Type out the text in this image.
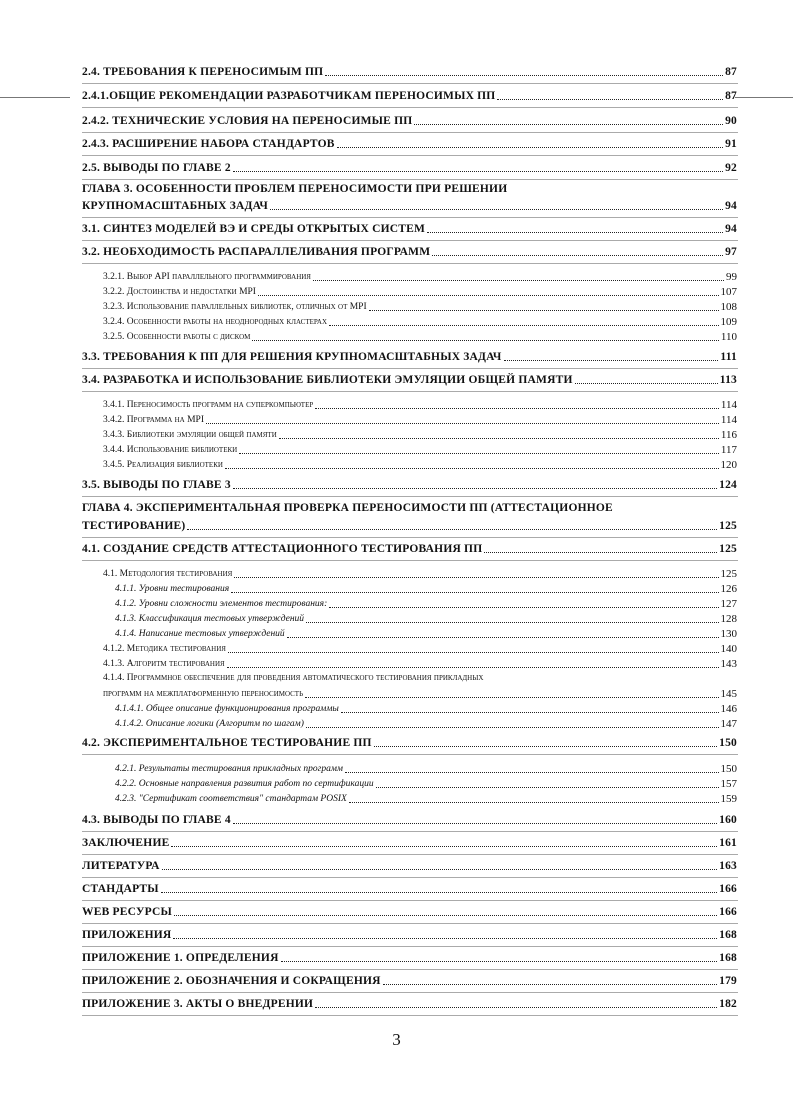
2.4. ТРЕБОВАНИЯ К ПЕРЕНОСИМЫМ ПП	87
2.4.1.ОБЩИЕ РЕКОМЕНДАЦИИ РАЗРАБОТЧИКАМ ПЕРЕНОСИМЫХ ПП	87
2.4.2. ТЕХНИЧЕСКИЕ УСЛОВИЯ НА ПЕРЕНОСИМЫЕ ПП	90
2.4.3. РАСШИРЕНИЕ НАБОРА СТАНДАРТОВ	91
2.5. ВЫВОДЫ ПО ГЛАВЕ 2	92
ГЛАВА 3. ОСОБЕННОСТИ ПРОБЛЕМ ПЕРЕНОСИМОСТИ ПРИ РЕШЕНИИ
КРУПНОМАСШТАБНЫХ ЗАДАЧ	94
3.1. СИНТЕЗ МОДЕЛЕЙ ВЭ И СРЕДЫ ОТКРЫТЫХ СИСТЕМ	94
3.2. НЕОБХОДИМОСТЬ РАСПАРАЛЛЕЛИВАНИЯ ПРОГРАММ	97
3.2.1. Выбор API параллельного программирования	99
3.2.2. Достоинства и недостатки MPI	107
3.2.3. Использование параллельных библиотек, отличных от MPI	108
3.2.4. Особенности работы на неоднородных кластерах	109
3.2.5. Особенности работы с диском	110
3.3. ТРЕБОВАНИЯ К ПП ДЛЯ РЕШЕНИЯ КРУПНОМАСШТАБНЫХ ЗАДАЧ	111
3.4. РАЗРАБОТКА И ИСПОЛЬЗОВАНИЕ БИБЛИОТЕКИ ЭМУЛЯЦИИ ОБЩЕЙ ПАМЯТИ	113
3.4.1. Переносимость программ на суперкомпьютер	114
3.4.2. Программа на MPI	114
3.4.3. Библиотеки эмуляции общей памяти	116
3.4.4. Использование библиотеки	117
3.4.5. Реализация библиотеки	120
3.5. ВЫВОДЫ ПО ГЛАВЕ 3	124
ГЛАВА 4. ЭКСПЕРИМЕНТАЛЬНАЯ ПРОВЕРКА ПЕРЕНОСИМОСТИ ПП (АТТЕСТАЦИОННОЕ
ТЕСТИРОВАНИЕ)	125
4.1. СОЗДАНИЕ СРЕДСТВ АТТЕСТАЦИОННОГО ТЕСТИРОВАНИЯ ПП	125
4.1. Методология тестирования	125
4.1.1. Уровни тестирования	126
4.1.2. Уровни сложности элементов тестирования:	127
4.1.3. Классификация тестовых утверждений	128
4.1.4. Написание тестовых утверждений	130
4.1.2. Методика тестирования	140
4.1.3. Алгоритм тестирования	143
4.1.4. Программное обеспечение для проведения автоматического тестирования прикладных
программ на межплатформенную переносимость	145
4.1.4.1. Общее описание функционирования программы	146
4.1.4.2. Описание логики (Алгоритм по шагам)	147
4.2. ЭКСПЕРИМЕНТАЛЬНОЕ ТЕСТИРОВАНИЕ ПП	150
4.2.1. Результаты тестирования прикладных программ	150
4.2.2. Основные направления развития работ по сертификации	157
4.2.3. "Сертификат соответствия" стандартам POSIX	159
4.3. ВЫВОДЫ ПО ГЛАВЕ 4	160
ЗАКЛЮЧЕНИЕ	161
ЛИТЕРАТУРА	163
СТАНДАРТЫ	166
WEB РЕСУРСЫ	166
ПРИЛОЖЕНИЯ	168
ПРИЛОЖЕНИЕ 1. ОПРЕДЕЛЕНИЯ	168
ПРИЛОЖЕНИЕ 2. ОБОЗНАЧЕНИЯ И СОКРАЩЕНИЯ	179
ПРИЛОЖЕНИЕ 3. АКТЫ О ВНЕДРЕНИИ	182
3
